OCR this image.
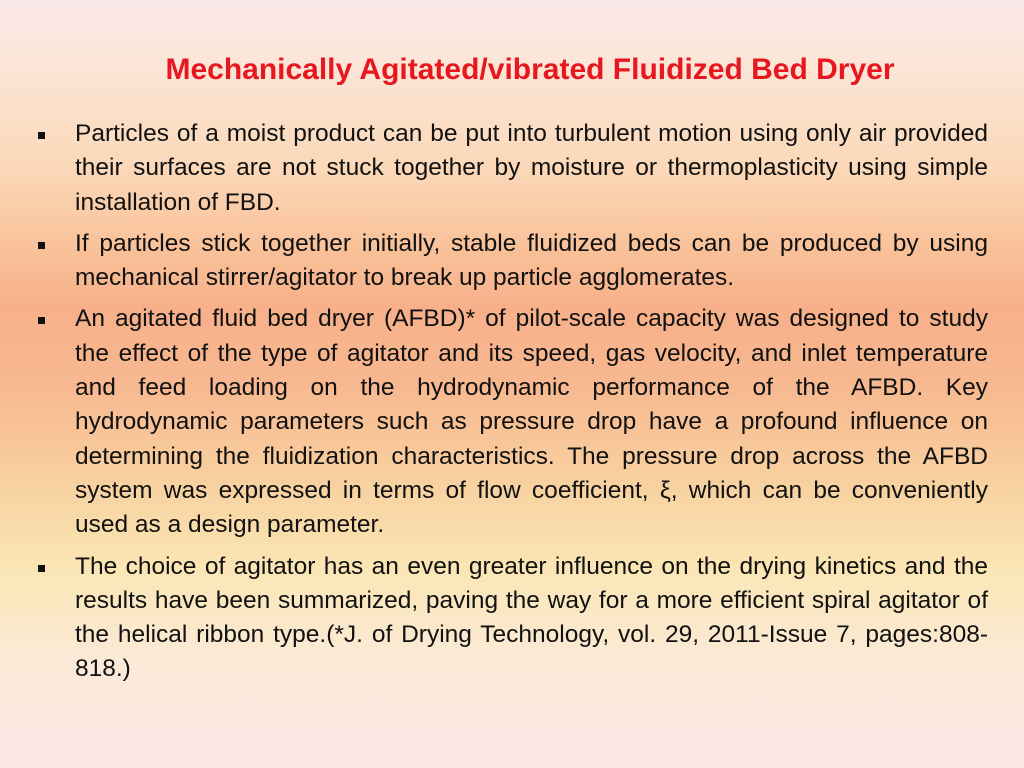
Mechanically Agitated/vibrated Fluidized Bed Dryer
Particles of a moist product can be put into turbulent motion using only air provided their surfaces are not stuck together by moisture or thermoplasticity using simple installation of FBD.
If particles stick together initially, stable fluidized beds can be produced by using mechanical stirrer/agitator to break up particle agglomerates.
An agitated fluid bed dryer (AFBD)* of pilot-scale capacity was designed to study the effect of the type of agitator and its speed, gas velocity, and inlet temperature and feed loading on the hydrodynamic performance of the AFBD. Key hydrodynamic parameters such as pressure drop have a profound influence on determining the fluidization characteristics. The pressure drop across the AFBD system was expressed in terms of flow coefficient, ξ, which can be conveniently used as a design parameter.
The choice of agitator has an even greater influence on the drying kinetics and the results have been summarized, paving the way for a more efficient spiral agitator of the helical ribbon type.(*J. of Drying Technology, vol. 29, 2011-Issue 7, pages:808-818.)
